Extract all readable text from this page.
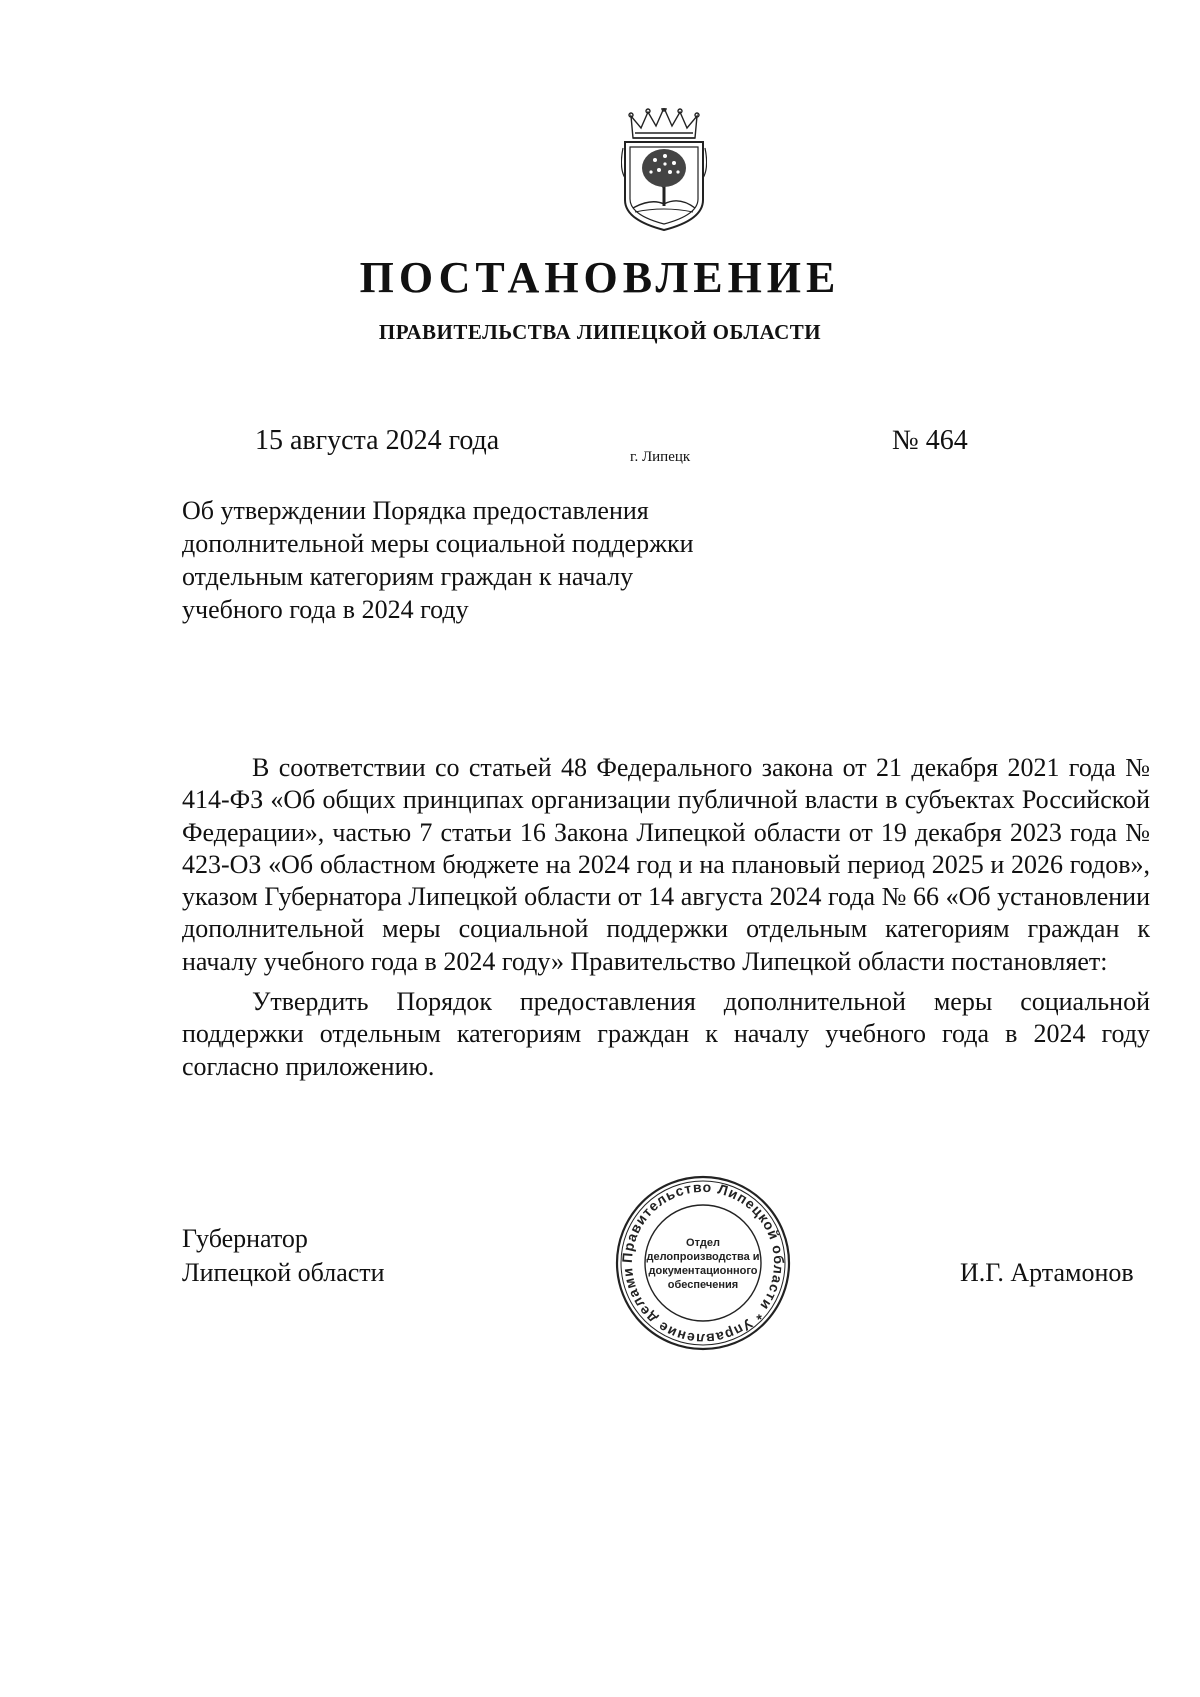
ПОСТАНОВЛЕНИЕ
ПРАВИТЕЛЬСТВА ЛИПЕЦКОЙ ОБЛАСТИ
15 августа 2024 года
г. Липецк
№ 464
Об утверждении Порядка предоставления
дополнительной меры социальной поддержки
отдельным категориям граждан к началу
учебного года в 2024 году

В соответствии со статьей 48 Федерального закона от 21 декабря 2021 года № 414-ФЗ «Об общих принципах организации публичной власти в субъектах Российской Федерации», частью 7 статьи 16 Закона Липецкой области от 19 декабря 2023 года № 423-ОЗ «Об областном бюджете на 2024 год и на плановый период 2025 и 2026 годов», указом Губернатора Липецкой области от 14 августа 2024 года № 66 «Об установлении дополнительной меры социальной поддержки отдельным категориям граждан к началу учебного года в 2024 году» Правительство Липецкой области постановляет:

Утвердить Порядок предоставления дополнительной меры социальной поддержки отдельным категориям граждан к началу учебного года в 2024 году согласно приложению.

Губернатор
Липецкой области	И.Г. Артамонов
Правительство Липецкой области * Управление делами
Отдел
делопроизводства и
документационного
обеспечения
